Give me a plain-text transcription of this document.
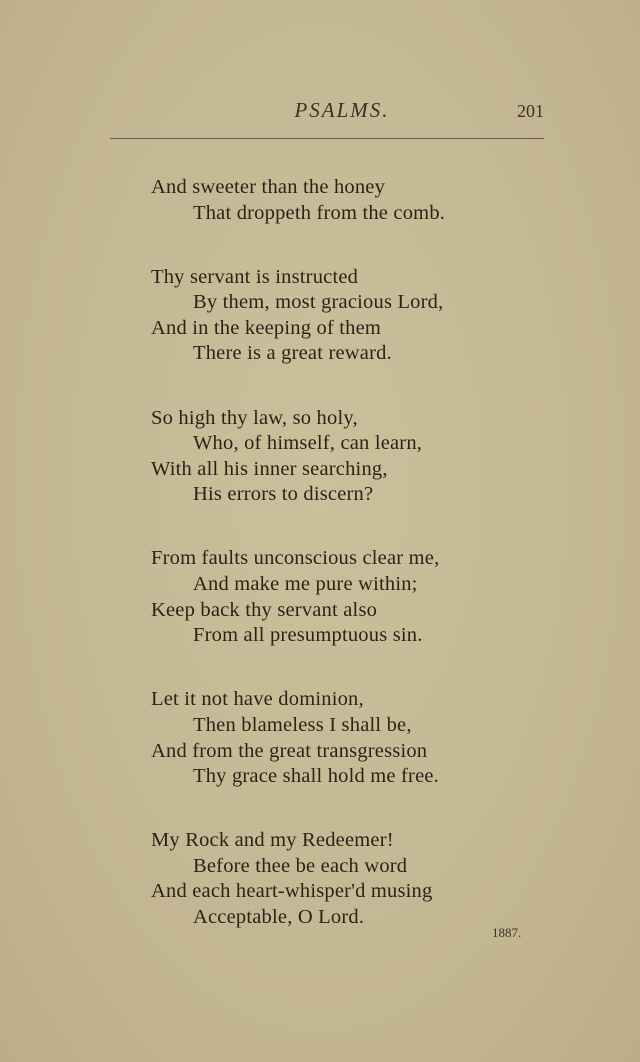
PSALMS.	201
And sweeter than the honey
That droppeth from the comb.
Thy servant is instructed
By them, most gracious Lord,
And in the keeping of them
There is a great reward.
So high thy law, so holy,
Who, of himself, can learn,
With all his inner searching,
His errors to discern?
From faults unconscious clear me,
And make me pure within;
Keep back thy servant also
From all presumptuous sin.
Let it not have dominion,
Then blameless I shall be,
And from the great transgression
Thy grace shall hold me free.
My Rock and my Redeemer!
Before thee be each word
And each heart-whisper'd musing
Acceptable, O Lord.
1887.
